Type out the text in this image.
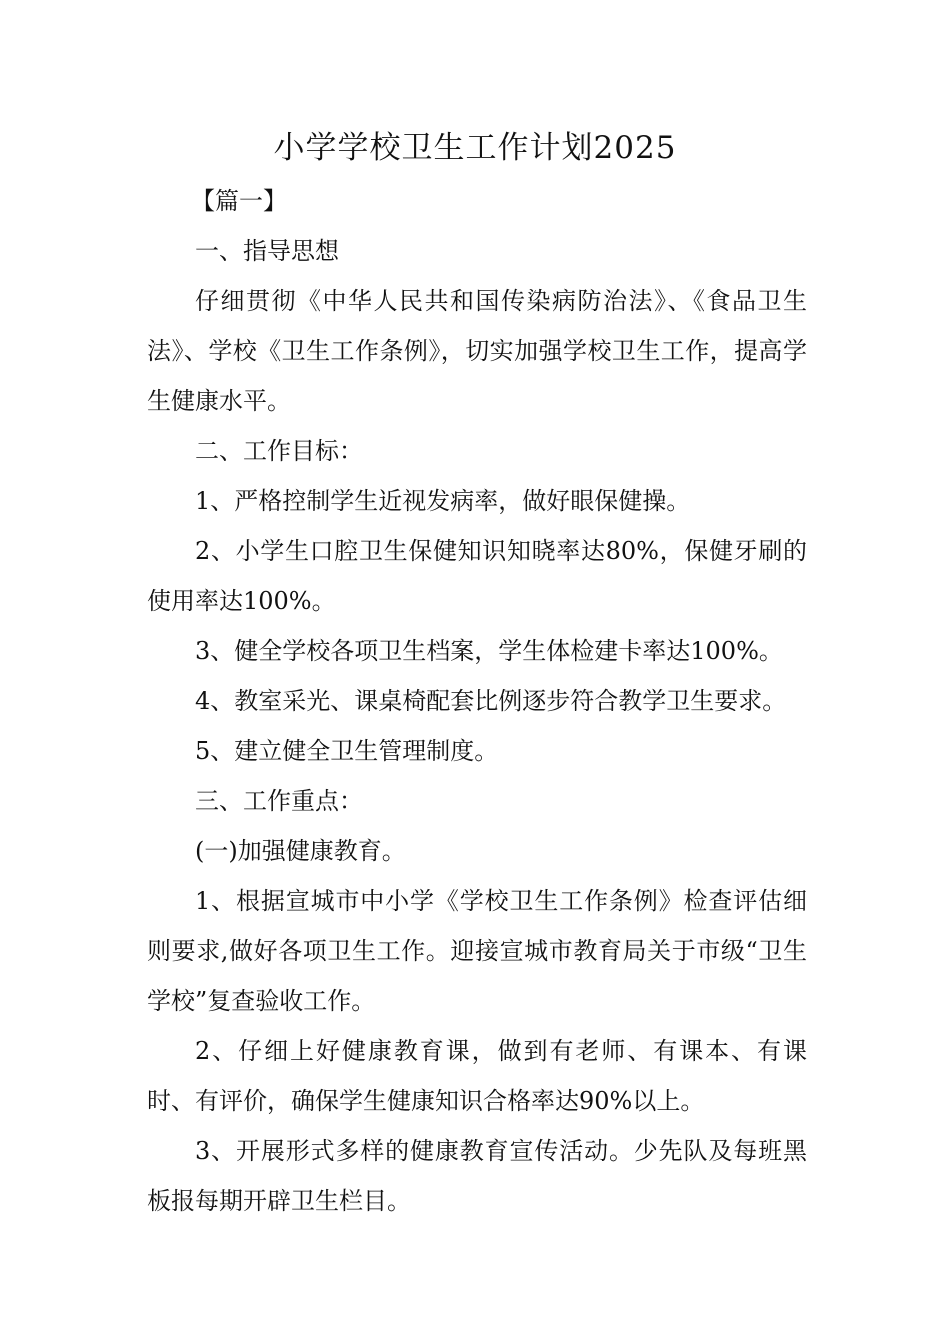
小学学校卫生工作计划2025

【篇一】

一、指导思想

仔细贯彻《中华人民共和国传染病防治法》、《食品卫生法》、学校《卫生工作条例》，切实加强学校卫生工作，提高学生健康水平。

二、工作目标：

1、严格控制学生近视发病率，做好眼保健操。

2、小学生口腔卫生保健知识知晓率达80%，保健牙刷的使用率达100%。

3、健全学校各项卫生档案，学生体检建卡率达100%。

4、教室采光、课桌椅配套比例逐步符合教学卫生要求。

5、建立健全卫生管理制度。

三、工作重点：

(一)加强健康教育。

1、根据宣城市中小学《学校卫生工作条例》检查评估细则要求,做好各项卫生工作。迎接宣城市教育局关于市级“卫生学校”复查验收工作。

2、仔细上好健康教育课，做到有老师、有课本、有课时、有评价，确保学生健康知识合格率达90%以上。

3、开展形式多样的健康教育宣传活动。少先队及每班黑板报每期开辟卫生栏目。
